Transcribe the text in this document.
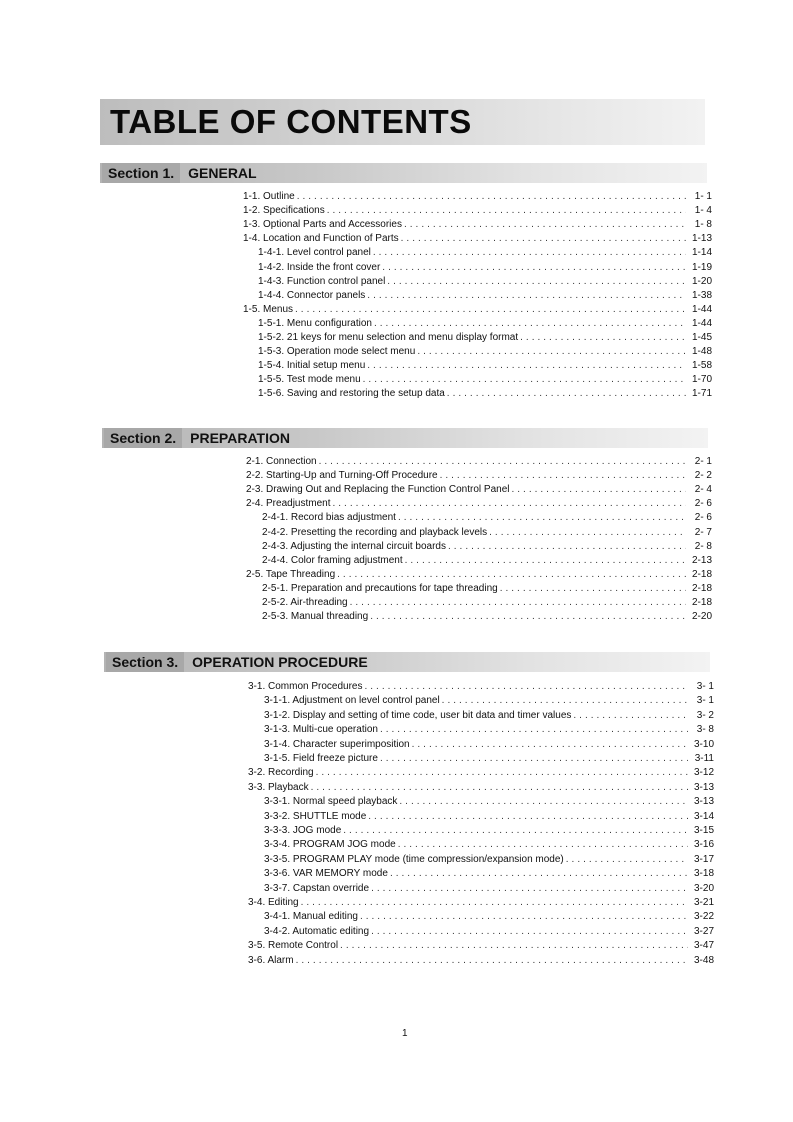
TABLE OF CONTENTS
Section 1. GENERAL
1-1. Outline .....	1- 1
1-2. Specifications .....	1- 4
1-3. Optional Parts and Accessories .....	1- 8
1-4. Location and Function of Parts .....	1-13
1-4-1. Level control panel .....	1-14
1-4-2. Inside the front cover .....	1-19
1-4-3. Function control panel .....	1-20
1-4-4. Connector panels .....	1-38
1-5. Menus .....	1-44
1-5-1. Menu configuration .....	1-44
1-5-2. 21 keys for menu selection and menu display format .....	1-45
1-5-3. Operation mode select menu .....	1-48
1-5-4. Initial setup menu .....	1-58
1-5-5. Test mode menu .....	1-70
1-5-6. Saving and restoring the setup data .....	1-71
Section 2. PREPARATION
2-1. Connection .....	2- 1
2-2. Starting-Up and Turning-Off Procedure .....	2- 2
2-3. Drawing Out and Replacing the Function Control Panel .....	2- 4
2-4. Preadjustment .....	2- 6
2-4-1. Record bias adjustment .....	2- 6
2-4-2. Presetting the recording and playback levels .....	2- 7
2-4-3. Adjusting the internal circuit boards .....	2- 8
2-4-4. Color framing adjustment .....	2-13
2-5. Tape Threading .....	2-18
2-5-1. Preparation and precautions for tape threading .....	2-18
2-5-2. Air-threading .....	2-18
2-5-3. Manual threading .....	2-20
Section 3. OPERATION PROCEDURE
3-1. Common Procedures .....	3- 1
3-1-1. Adjustment on level control panel .....	3- 1
3-1-2. Display and setting of time code, user bit data and timer values .....	3- 2
3-1-3. Multi-cue operation .....	3- 8
3-1-4. Character superimposition .....	3-10
3-1-5. Field freeze picture .....	3-11
3-2. Recording .....	3-12
3-3. Playback .....	3-13
3-3-1. Normal speed playback .....	3-13
3-3-2. SHUTTLE mode .....	3-14
3-3-3. JOG mode .....	3-15
3-3-4. PROGRAM JOG mode .....	3-16
3-3-5. PROGRAM PLAY mode (time compression/expansion mode) .....	3-17
3-3-6. VAR MEMORY mode .....	3-18
3-3-7. Capstan override .....	3-20
3-4. Editing .....	3-21
3-4-1. Manual editing .....	3-22
3-4-2. Automatic editing .....	3-27
3-5. Remote Control .....	3-47
3-6. Alarm .....	3-48
1
